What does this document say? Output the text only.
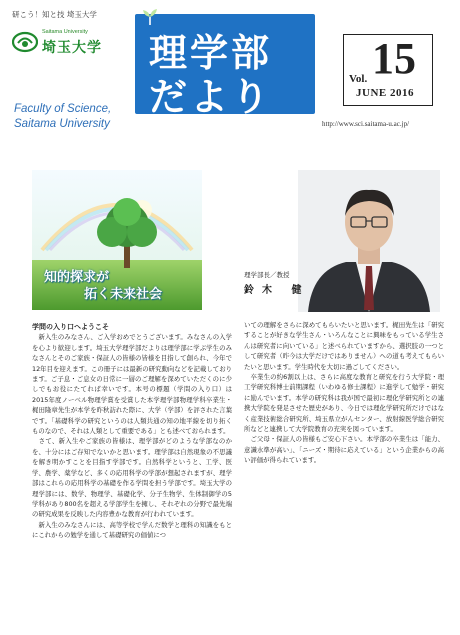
研こう！知と技 埼玉大学
Saitama University
埼玉大学
Faculty of Science,
Saitama University
理学部
だより	Vol. 15
JUNE 2016
http://www.sci.saitama-u.ac.jp/
知的探求が
拓く未来社会
理学部長／教授
鈴木 健

学問の入り口へようこそ

　新入生のみなさん、ご入学おめでとうございます。みなさんの入学を心より歓迎します。埼玉大学理学部だよりは理学部に学ぶ学生のみなさんとそのご家族・保証人の皆様の皆様を目指して創られ、今年で12年目を迎えます。この冊子には最新の研究動向などを記載しております。ご子息・ご息女の日常に一層のご理解を深めていただくのに少しでもお役にたてれば幸いです。本号の標題（学問の入り口）は2015年度ノーベル物理学賞を受賞した本学理学部物理学科卒業生・梶田隆章先生が本学を昨秋訪れた際に、大学（学部）を評された言葉です。「基礎科学の研究というのは人類共通の知の地平線を切り拓くものなので、それは人類として重要である」とも述べておられます。

　さて、新入生やご家族の皆様は、理学部がどのような学部なのかを、十分にはご存知でないかと思います。理学部は自然現象の不思議を解き明かすことを目指す学部です。自然科学というと、工学、医学、農学、薬学など、多くの応用科学の学部が想起されますが、理学部はこれらの応用科学の基礎を作る学問を担う学部です。埼玉大学の理学部には、数学、物理学、基礎化学、分子生物学、生体制御学の5学科があり800名を超える学部学生を擁し、それぞれの分野で最先端の研究成果を反映した内容豊かな教育が行われています。

　新入生のみなさんには、高等学校で学んだ数学と理科の知識をもとにこれからの勉学を通して基礎研究の価値につ

いての理解をさらに深めてもらいたいと思います。梶田先生は「研究することが好きな学生さん・いろんなことに興味をもっている学生さんは研究者に向いている」と述べられていますから、選択肢の一つとして研究者（昨今は大学だけではありません）への道も考えてもらいたいと思います。学生時代を大切に過ごしてください。

　卒業生の約6割以上は、さらに高度な教育と研究を行う大学院・理工学研究科博士前期課程（いわゆる修士課程）に進学して勉学・研究に励んでいます。本学の研究科は我が国で最初に理化学研究所との連携大学院を発足させた歴史があり、今日では理化学研究所だけではなく産業技術総合研究所、埼玉県立がんセンター、放射線医学総合研究所などと連携して大学院教育の充実を図っています。

　ご父母・保証人の皆様もご安心下さい。本学部の卒業生は「能力、意識水準が高い」、「ニーズ・期待に応えている」という企業からの高い評価が得られています。
